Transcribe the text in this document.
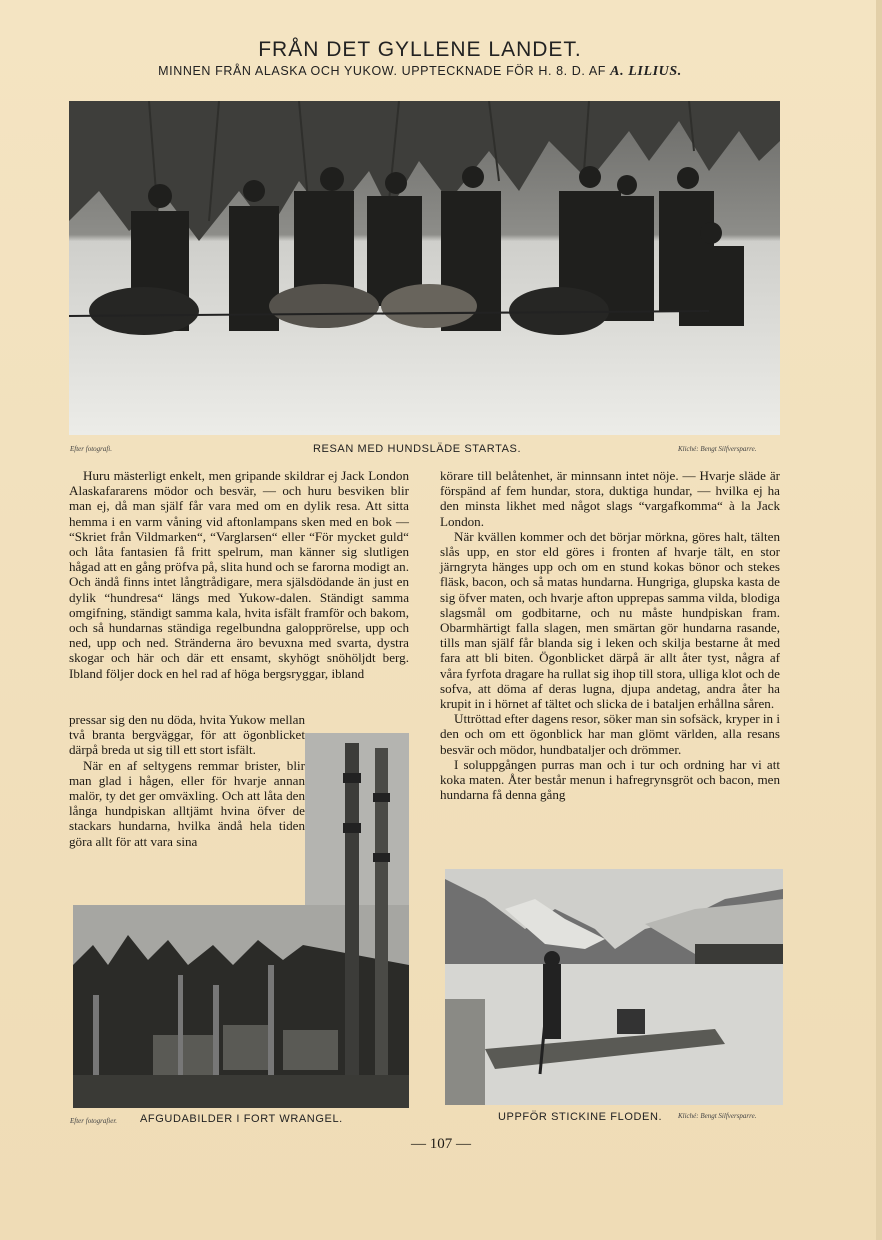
FRÅN DET GYLLENE LANDET.
MINNEN FRÅN ALASKA OCH YUKOW. UPPTECKNADE FÖR H. 8. D. AF A. LILIUS.
Efter fotografi.	RESAN MED HUNDSLÄDE STARTAS.	Kliché: Bengt Silfversparre.

Huru mästerligt enkelt, men gripande skildrar ej Jack London Alaskafararens mödor och besvär, — och huru besviken blir man ej, då man själf får vara med om en dylik resa. Att sitta hemma i en varm våning vid aftonlampans sken med en bok — “Skriet från Vildmarken“, “Varglarsen“ eller “För mycket guld“ och låta fantasien få fritt spelrum, man känner sig slutligen hågad att en gång pröfva på, slita hund och se farorna modigt an. Och ändå finns intet långtrådigare, mera själsdödande än just en dylik “hundresa“ längs med Yukow-dalen. Ständigt samma omgifning, ständigt samma kala, hvita isfält framför och bakom, och så hundarnas ständiga regelbundna galopprörelse, upp och ned, upp och ned. Stränderna äro bevuxna med svarta, dystra skogar och här och där ett ensamt, skyhögt snöhöljdt berg. Ibland följer dock en hel rad af höga bergsryggar, ibland

pressar sig den nu döda, hvita Yukow mellan två branta bergväggar, för att ögonblicket därpå breda ut sig till ett stort isfält.

När en af seltygens remmar brister, blir man glad i hågen, eller för hvarje annan malör, ty det ger omväxling. Och att låta den långa hundpiskan alltjämt hvina öfver de stackars hundarna, hvilka ändå hela tiden göra allt för att vara sina

körare till belåtenhet, är minnsann intet nöje. — Hvarje släde är förspänd af fem hundar, stora, duktiga hundar, — hvilka ej ha den minsta likhet med något slags “vargafkomma“ à la Jack London.

När kvällen kommer och det börjar mörkna, göres halt, tälten slås upp, en stor eld göres i fronten af hvarje tält, en stor järngryta hänges upp och om en stund kokas bönor och stekes fläsk, bacon, och så matas hundarna. Hungriga, glupska kasta de sig öfver maten, och hvarje afton upprepas samma vilda, blodiga slagsmål om godbitarne, och nu måste hundpiskan fram. Obarmhärtigt falla slagen, men smärtan gör hundarna rasande, tills man själf får blanda sig i leken och skilja bestarne åt med fara att bli biten. Ögonblicket därpå är allt åter tyst, några af våra fyrfota dragare ha rullat sig ihop till stora, ulliga klot och de sofva, att döma af deras lugna, djupa andetag, andra åter ha krupit in i hörnet af tältet och slicka de i bataljen erhållna såren.

Uttröttad efter dagens resor, söker man sin sofsäck, kryper in i den och om ett ögonblick har man glömt världen, alla resans besvär och mödor, hundbataljer och drömmer.

I soluppgången purras man och i tur och ordning har vi att koka maten. Åter består menun i hafregrynsgröt och bacon, men hundarna få denna gång

Efter fotografier. AFGUDABILDER I FORT WRANGEL.	UPPFÖR STICKINE FLODEN. Kliché: Bengt Silfversparre.
— 107 —
